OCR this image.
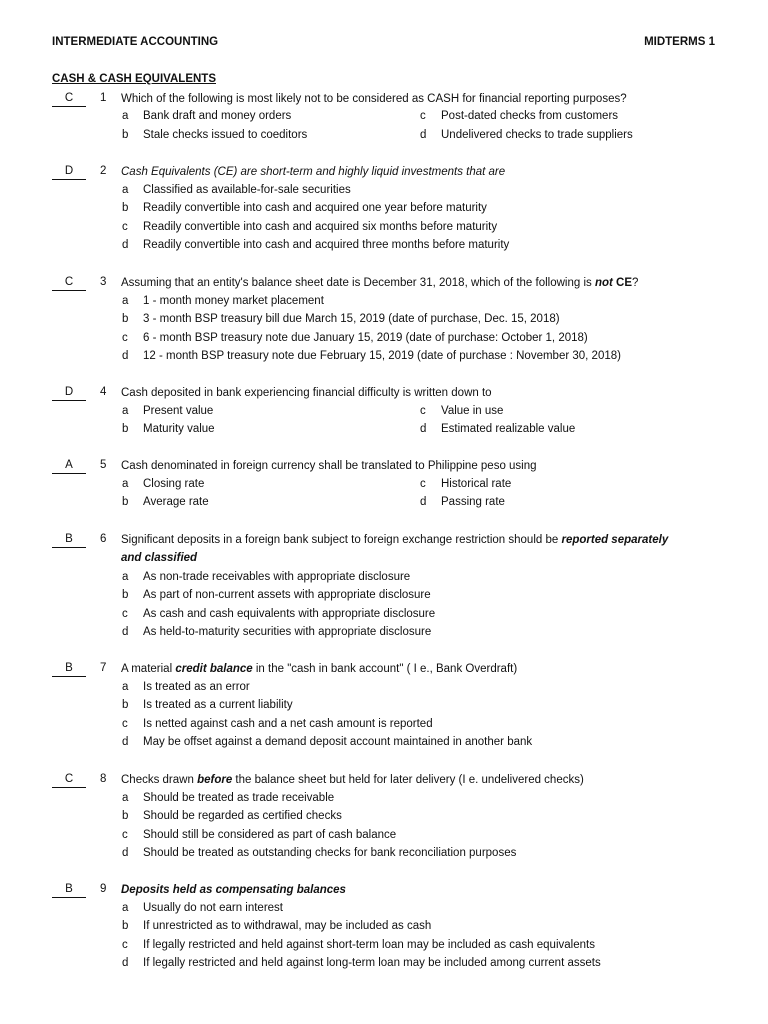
INTERMEDIATE ACCOUNTING	MIDTERMS 1
CASH & CASH EQUIVALENTS
C	1 Which of the following is most likely not to be considered as CASH for financial reporting purposes?
a Bank draft and money orders
b Stale checks issued to coeditors
c Post-dated checks from customers
d Undelivered checks to trade suppliers
D	2 Cash Equivalents (CE) are short-term and highly liquid investments that are
a Classified as available-for-sale securities
b Readily convertible into cash and acquired one year before maturity
c Readily convertible into cash and acquired six months before maturity
d Readily convertible into cash and acquired three months before maturity
C	3 Assuming that an entity's balance sheet date is December 31, 2018, which of the following is not CE?
a 1 - month money market placement
b 3 - month BSP treasury bill due March 15, 2019 (date of purchase, Dec. 15, 2018)
c 6 - month BSP treasury note due January 15, 2019 (date of purchase: October 1, 2018)
d 12 - month BSP treasury note due February 15, 2019 (date of purchase : November 30, 2018)
D	4 Cash deposited in bank experiencing financial difficulty is written down to
a Present value
b Maturity value
c Value in use
d Estimated realizable value
A	5 Cash denominated in foreign currency shall be translated to Philippine peso using
a Closing rate
b Average rate
c Historical rate
d Passing rate
B	6 Significant deposits in a foreign bank subject to foreign exchange restriction should be reported separately and classified
a As non-trade receivables with appropriate disclosure
b As part of non-current assets with appropriate disclosure
c As cash and cash equivalents with appropriate disclosure
d As held-to-maturity securities with appropriate disclosure
B	7 A material credit balance in the "cash in bank account" ( I e., Bank Overdraft)
a Is treated as an error
b Is treated as a current liability
c Is netted against cash and a net cash amount is reported
d May be offset against a demand deposit account maintained in another bank
C	8 Checks drawn before the balance sheet but held for later delivery (I e. undelivered checks)
a Should be treated as trade receivable
b Should be regarded as certified checks
c Should still be considered as part of cash balance
d Should be treated as outstanding checks for bank reconciliation purposes
B	9 Deposits held as compensating balances
a Usually do not earn interest
b If unrestricted as to withdrawal, may be included as cash
c If legally restricted and held against short-term loan may be included as cash equivalents
d If legally restricted and held against long-term loan may be included among current assets
